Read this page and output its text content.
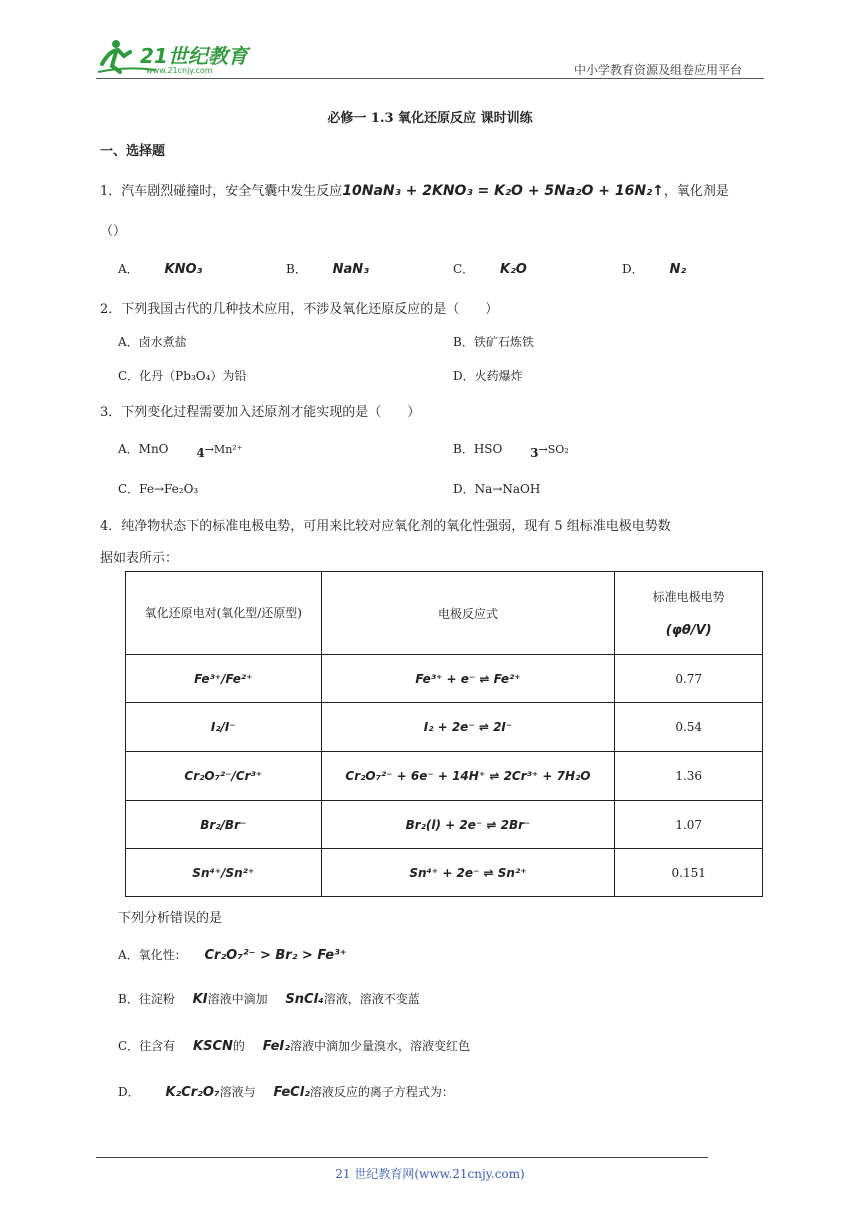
21世纪教育
www.21cnjy.com	中小学教育资源及组卷应用平台
必修一 1.3 氧化还原反应 课时训练
一、选择题
1．汽车剧烈碰撞时，安全气囊中发生反应10NaN₃ + 2KNO₃ = K₂O + 5Na₂O + 16N₂↑，氧化剂是
（）
A． KNO₃	B． NaN₃	C． K₂O	D． N₂
2．下列我国古代的几种技术应用，不涉及氧化还原反应的是（　　）
A．卤水煮盐	B．铁矿石炼铁
C．化丹（Pb₃O₄）为铅	D．火药爆炸
3．下列变化过程需要加入还原剂才能实现的是（　　）
A．MnO 4→Mn²⁺	B．HSO 3→SO₂
C．Fe→Fe₂O₃	D．Na→NaOH
4．纯净物状态下的标准电极电势，可用来比较对应氧化剂的氧化性强弱，现有 5 组标准电极电势数
据如表所示：
氧化还原电对(氧化型/还原型)	电极反应式	标准电极电势
(φθ/V)

Fe³⁺/Fe²⁺	Fe³⁺ + e⁻ ⇌ Fe²⁺	0.77
I₂/I⁻	I₂ + 2e⁻ ⇌ 2I⁻	0.54
Cr₂O₇²⁻/Cr³⁺	Cr₂O₇²⁻ + 6e⁻ + 14H⁺ ⇌ 2Cr³⁺ + 7H₂O	1.36
Br₂/Br⁻	Br₂(l) + 2e⁻ ⇌ 2Br⁻	1.07
Sn⁴⁺/Sn²⁺	Sn⁴⁺ + 2e⁻ ⇌ Sn²⁺	0.151
下列分析错误的是
A．氧化性： Cr₂O₇²⁻ > Br₂ > Fe³⁺
B．往淀粉 KI溶液中滴加 SnCl₄溶液，溶液不变蓝
C．往含有 KSCN的 FeI₂溶液中滴加少量溴水，溶液变红色
D． K₂Cr₂O₇溶液与 FeCl₂溶液反应的离子方程式为：
21 世纪教育网(www.21cnjy.com)
